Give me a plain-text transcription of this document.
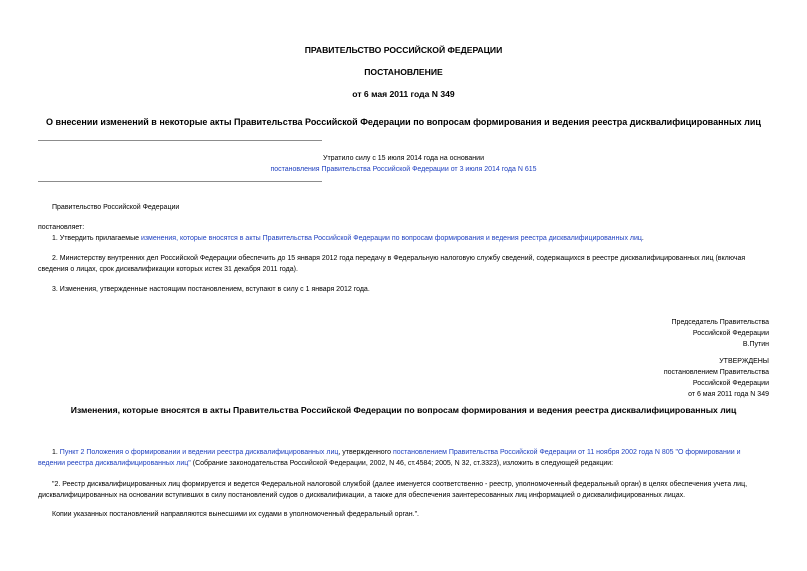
ПРАВИТЕЛЬСТВО РОССИЙСКОЙ ФЕДЕРАЦИИ
ПОСТАНОВЛЕНИЕ
от 6 мая 2011 года N 349
О внесении изменений в некоторые акты Правительства Российской Федерации по вопросам формирования и ведения реестра дисквалифицированных лиц
Утратило силу с 15 июля 2014 года на основании
постановления Правительства Российской Федерации от 3 июля 2014 года N 615
Правительство Российской Федерации
постановляет:
1. Утвердить прилагаемые изменения, которые вносятся в акты Правительства Российской Федерации по вопросам формирования и ведения реестра дисквалифицированных лиц.
2. Министерству внутренних дел Российской Федерации обеспечить до 15 января 2012 года передачу в Федеральную налоговую службу сведений, содержащихся в реестре дисквалифицированных лиц (включая сведения о лицах, срок дисквалификации которых истек 31 декабря 2011 года).
3. Изменения, утвержденные настоящим постановлением, вступают в силу с 1 января 2012 года.
Председатель Правительства
Российской Федерации
В.Путин
УТВЕРЖДЕНЫ
постановлением Правительства
Российской Федерации
от 6 мая 2011 года N 349
Изменения, которые вносятся в акты Правительства Российской Федерации по вопросам формирования и ведения реестра дисквалифицированных лиц
1. Пункт 2 Положения о формировании и ведении реестра дисквалифицированных лиц, утвержденного постановлением Правительства Российской Федерации от 11 ноября 2002 года N 805 "О формировании и ведении реестра дисквалифицированных лиц" (Собрание законодательства Российской Федерации, 2002, N 46, ст.4584; 2005, N 32, ст.3323), изложить в следующей редакции:
"2. Реестр дисквалифицированных лиц формируется и ведется Федеральной налоговой службой (далее именуется соответственно - реестр, уполномоченный федеральный орган) в целях обеспечения учета лиц, дисквалифицированных на основании вступивших в силу постановлений судов о дисквалификации, а также для обеспечения заинтересованных лиц информацией о дисквалифицированных лицах.
Копии указанных постановлений направляются вынесшими их судами в уполномоченный федеральный орган.".
